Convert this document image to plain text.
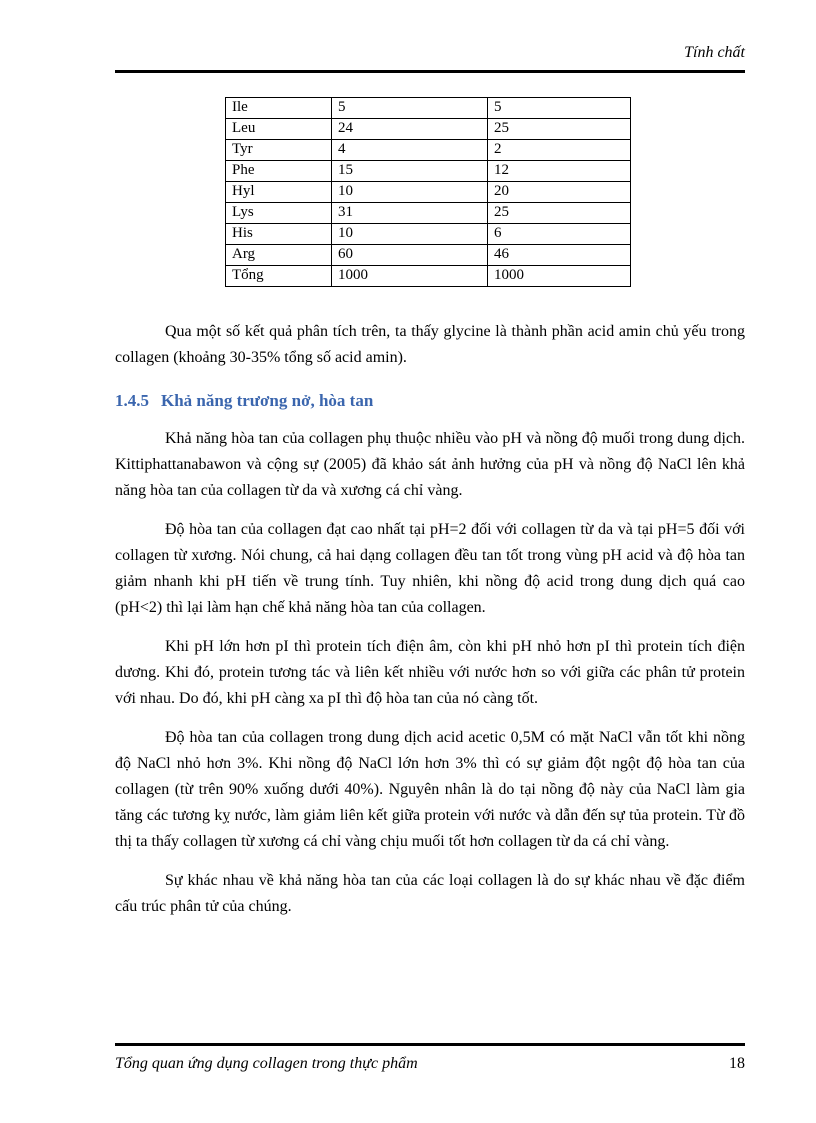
Tính chất
Ile	5	5
Leu	24	25
Tyr	4	2
Phe	15	12
Hyl	10	20
Lys	31	25
His	10	6
Arg	60	46
Tổng	1000	1000

Qua một số kết quả phân tích trên, ta thấy glycine là thành phần acid amin chủ yếu trong collagen (khoảng 30-35% tổng số acid amin).

1.4.5 Khả năng trương nở, hòa tan

Khả năng hòa tan của collagen phụ thuộc nhiều vào pH và nồng độ muối trong dung dịch. Kittiphattanabawon và cộng sự (2005) đã khảo sát ảnh hưởng của pH và nồng độ NaCl lên khả năng hòa tan của collagen từ da và xương cá chỉ vàng.

Độ hòa tan của collagen đạt cao nhất tại pH=2 đối với collagen từ da và tại pH=5 đối với collagen từ xương. Nói chung, cả hai dạng collagen đều tan tốt trong vùng pH acid và độ hòa tan giảm nhanh khi pH tiến về trung tính. Tuy nhiên, khi nồng độ acid trong dung dịch quá cao (pH<2) thì lại làm hạn chế khả năng hòa tan của collagen.

Khi pH lớn hơn pI thì protein tích điện âm, còn khi pH nhỏ hơn pI thì protein tích điện dương. Khi đó, protein tương tác và liên kết nhiều với nước hơn so với giữa các phân tử protein với nhau. Do đó, khi pH càng xa pI thì độ hòa tan của nó càng tốt.

Độ hòa tan của collagen trong dung dịch acid acetic 0,5M có mặt NaCl vẫn tốt khi nồng độ NaCl nhỏ hơn 3%. Khi nồng độ NaCl lớn hơn 3% thì có sự giảm đột ngột độ hòa tan của collagen (từ trên 90% xuống dưới 40%). Nguyên nhân là do tại nồng độ này của NaCl làm gia tăng các tương kỵ nước, làm giảm liên kết giữa protein với nước và dẫn đến sự tủa protein. Từ đồ thị ta thấy collagen từ xương cá chỉ vàng chịu muối tốt hơn collagen từ da cá chỉ vàng.

Sự khác nhau về khả năng hòa tan của các loại collagen là do sự khác nhau về đặc điểm cấu trúc phân tử của chúng.

Tổng quan ứng dụng collagen trong thực phẩm	18
